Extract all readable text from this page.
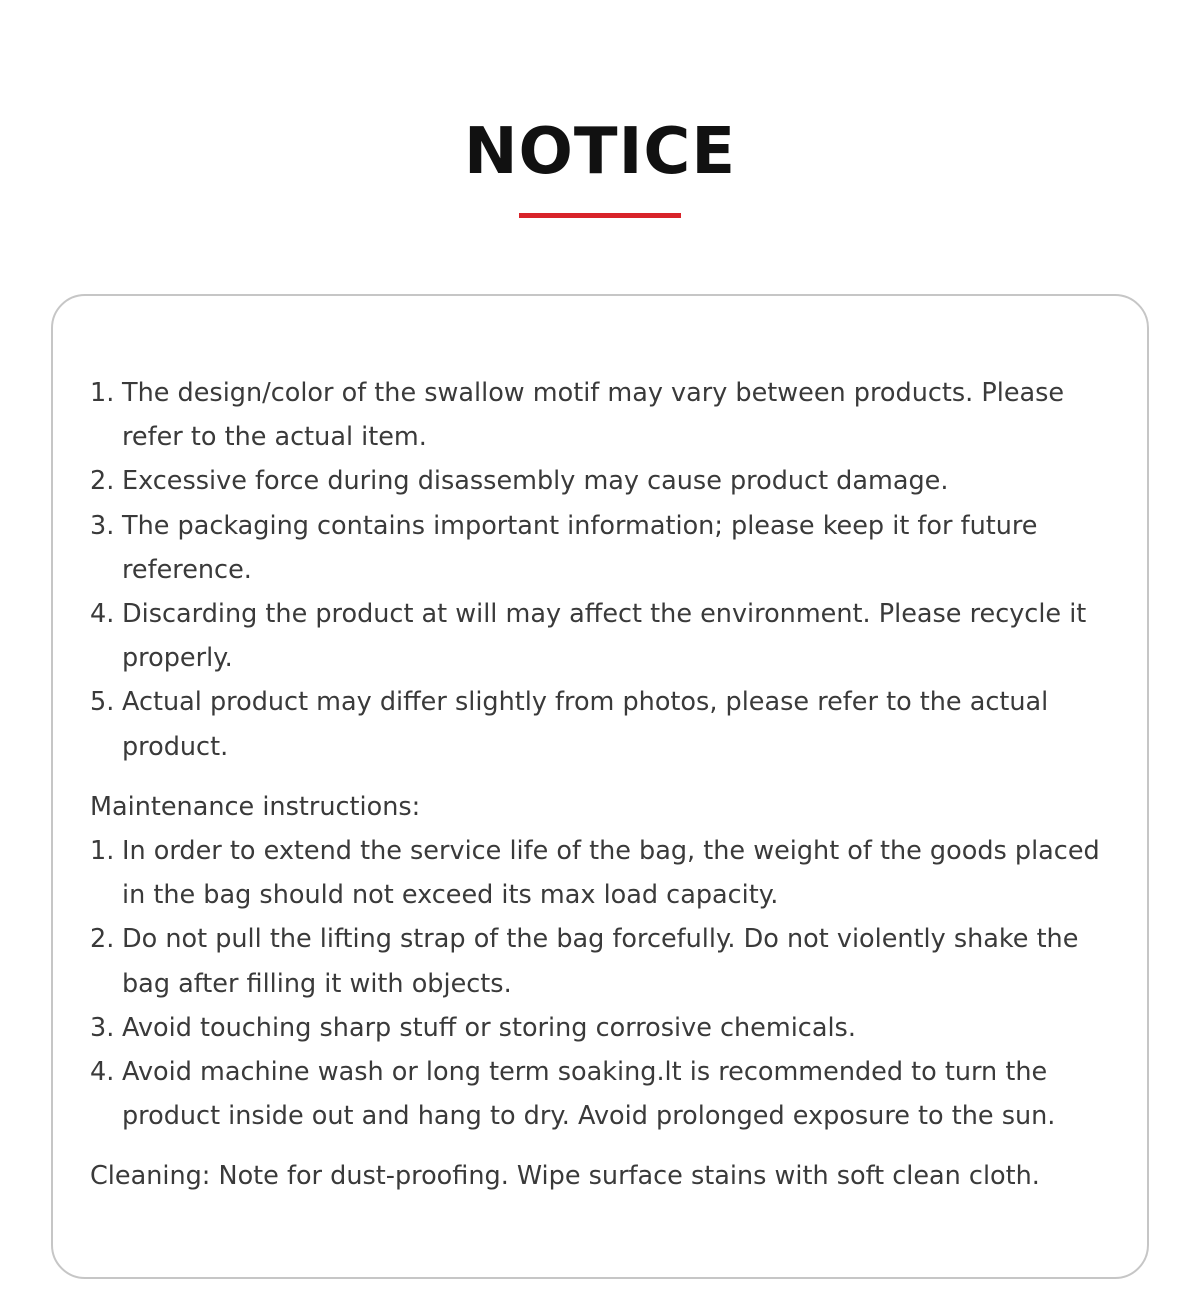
NOTICE
1. The design/color of the swallow motif may vary between products. Please refer to the actual item.
2. Excessive force during disassembly may cause product damage.
3. The packaging contains important information; please keep it for future reference.
4. Discarding the product at will may affect the environment. Please recycle it properly.
5. Actual product may differ slightly from photos, please refer to the actual product.
Maintenance instructions:
1. In order to extend the service life of the bag, the weight of the goods placed in the bag should not exceed its max load capacity.
2. Do not pull the lifting strap of the bag forcefully. Do not violently shake the bag after filling it with objects.
3. Avoid touching sharp stuff or storing corrosive chemicals.
4. Avoid machine wash or long term soaking.lt is recommended to turn the product inside out and hang to dry. Avoid prolonged exposure to the sun.
Cleaning: Note for dust-proofing. Wipe surface stains with soft clean cloth.
